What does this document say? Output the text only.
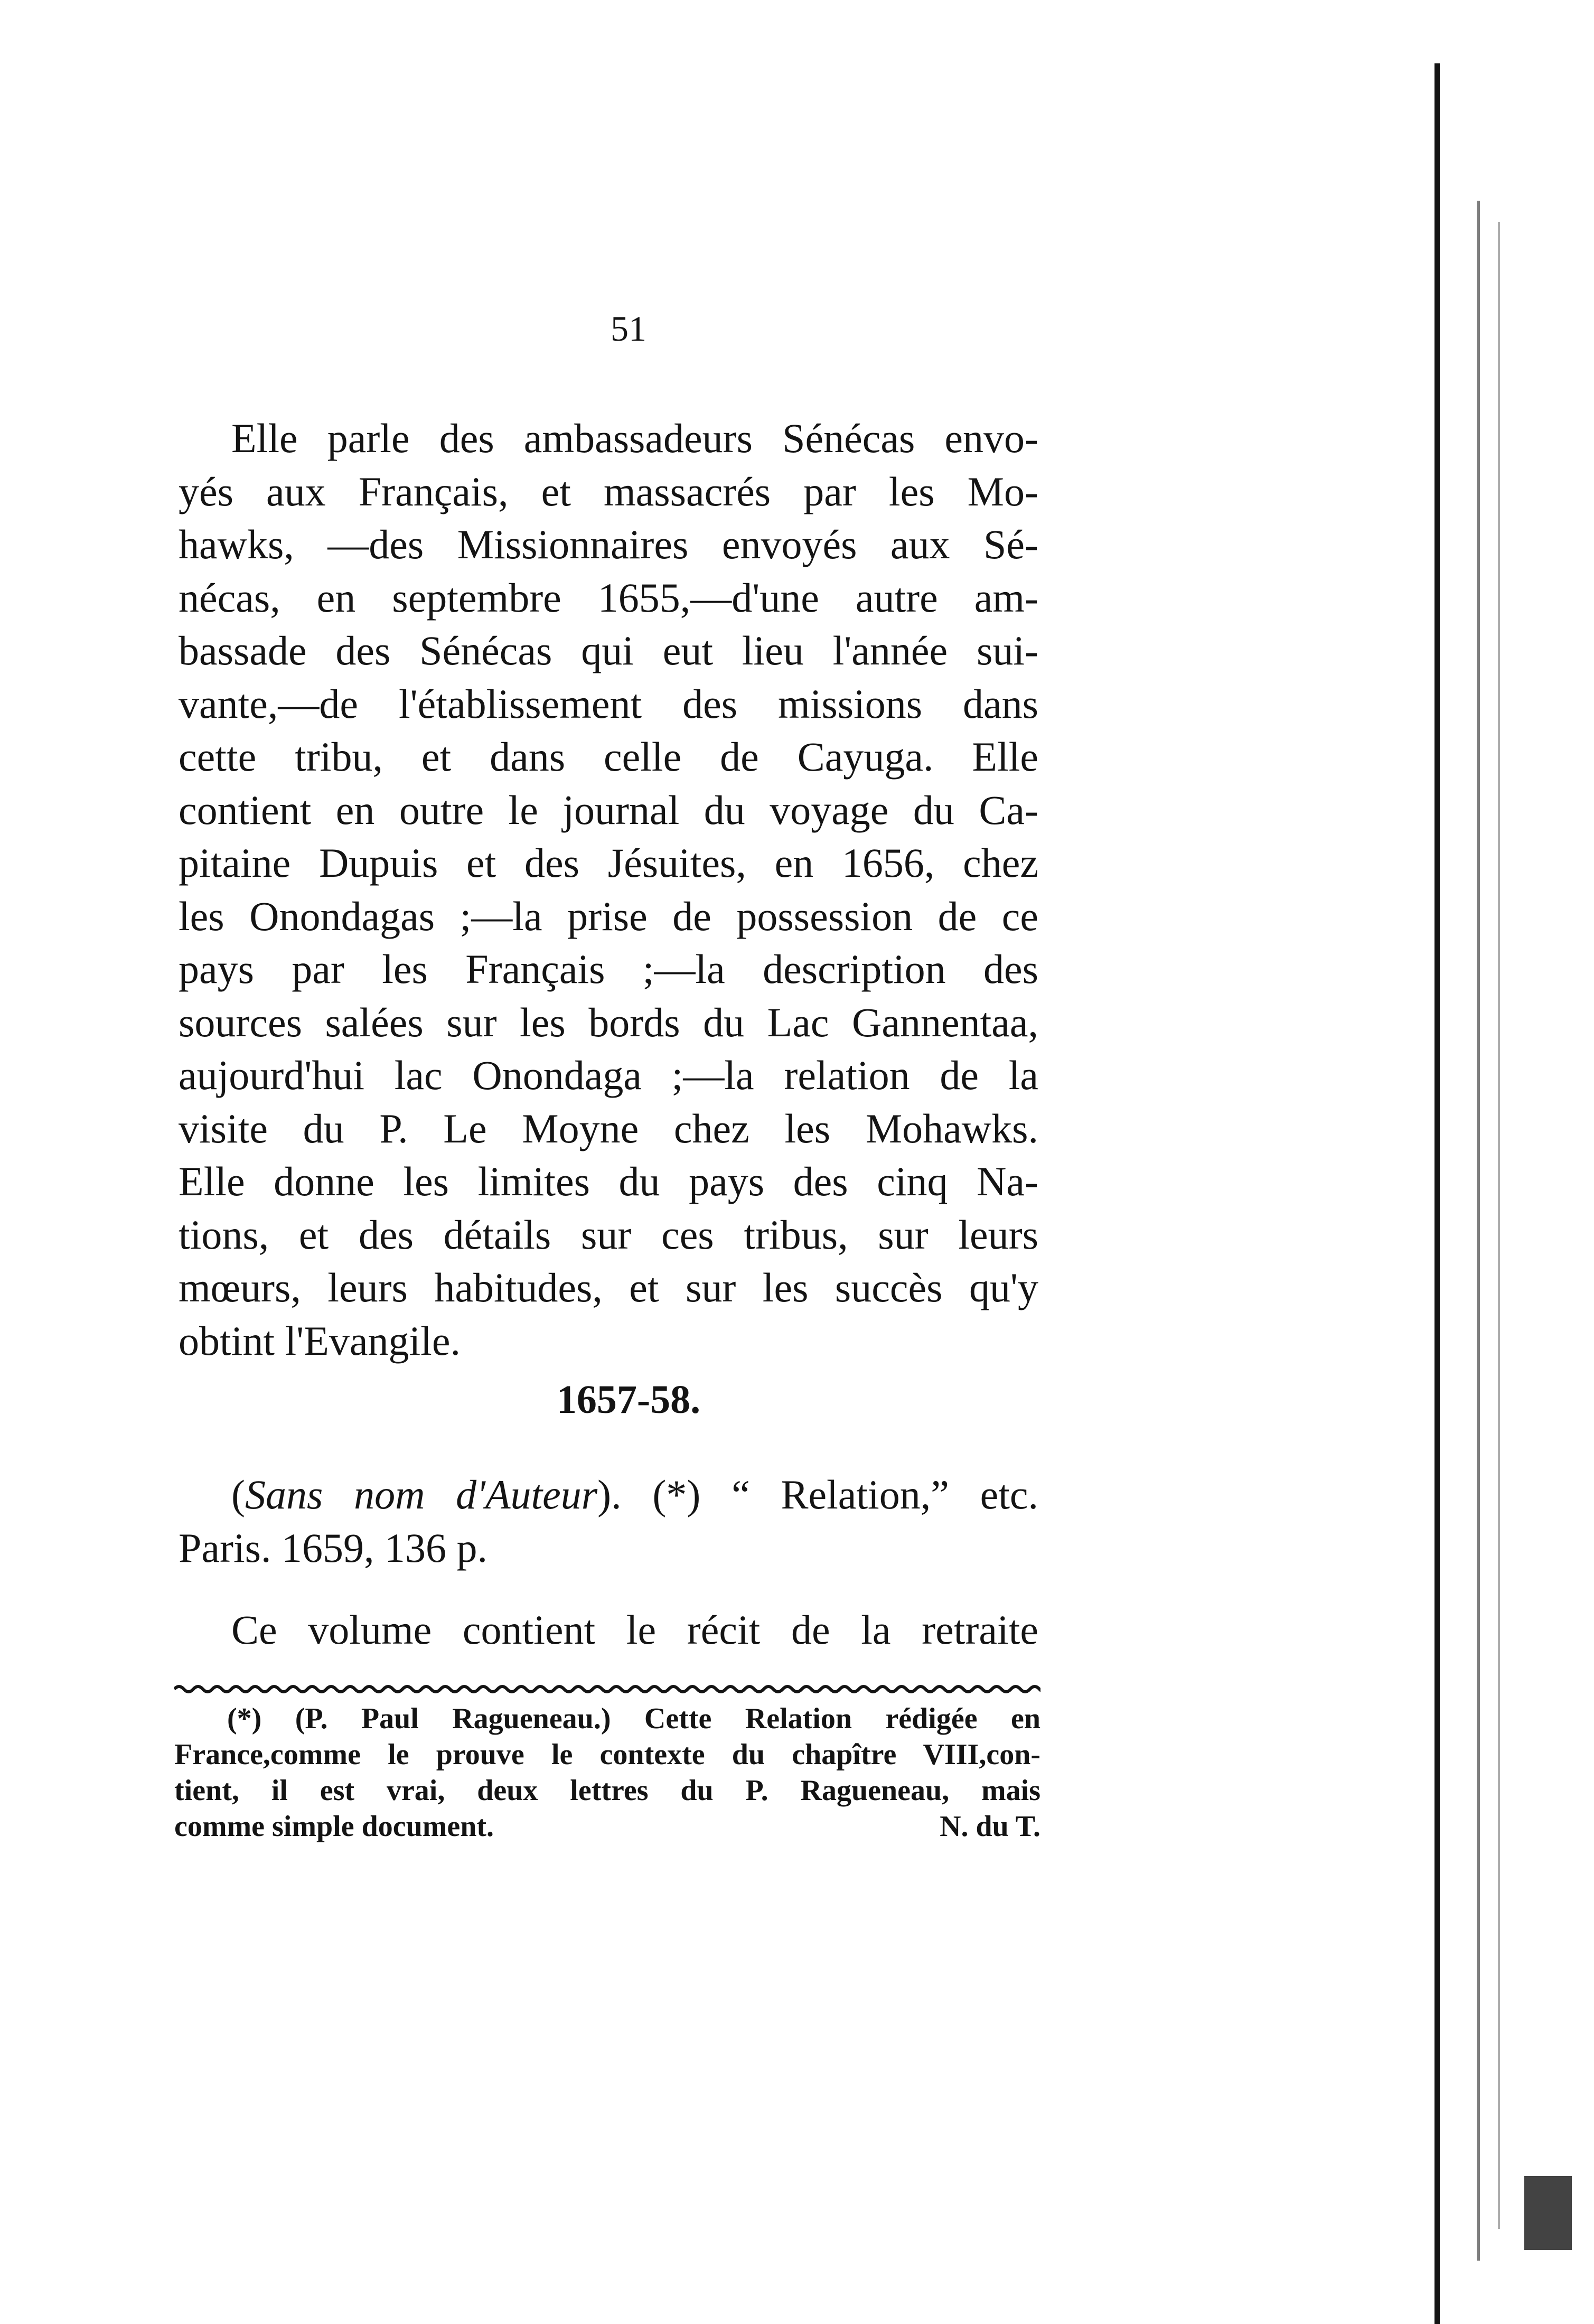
51
Elle parle des ambassadeurs Sénécas envo-
yés aux Français, et massacrés par les Mo-
hawks, —des Missionnaires envoyés aux Sé-
nécas, en septembre 1655,—d'une autre am-
bassade des Sénécas qui eut lieu l'année sui-
vante,—de l'établissement des missions dans
cette tribu, et dans celle de Cayuga. Elle
contient en outre le journal du voyage du Ca-
pitaine Dupuis et des Jésuites, en 1656, chez
les Onondagas ;—la prise de possession de ce
pays par les Français ;—la description des
sources salées sur les bords du Lac Gannentaa,
aujourd'hui lac Onondaga ;—la relation de la
visite du P. Le Moyne chez les Mohawks.
Elle donne les limites du pays des cinq Na-
tions, et des détails sur ces tribus, sur leurs
mœurs, leurs habitudes, et sur les succès qu'y
obtint l'Evangile.
1657-58.
(Sans nom d'Auteur). (*) “ Relation,” etc.
Paris. 1659, 136 p.
Ce volume contient le récit de la retraite
(*) (P. Paul Ragueneau.) Cette Relation rédigée en
France,comme le prouve le contexte du chapître VIII,con-
tient, il est vrai, deux lettres du P. Ragueneau, mais
comme simple document.	N. du T.
